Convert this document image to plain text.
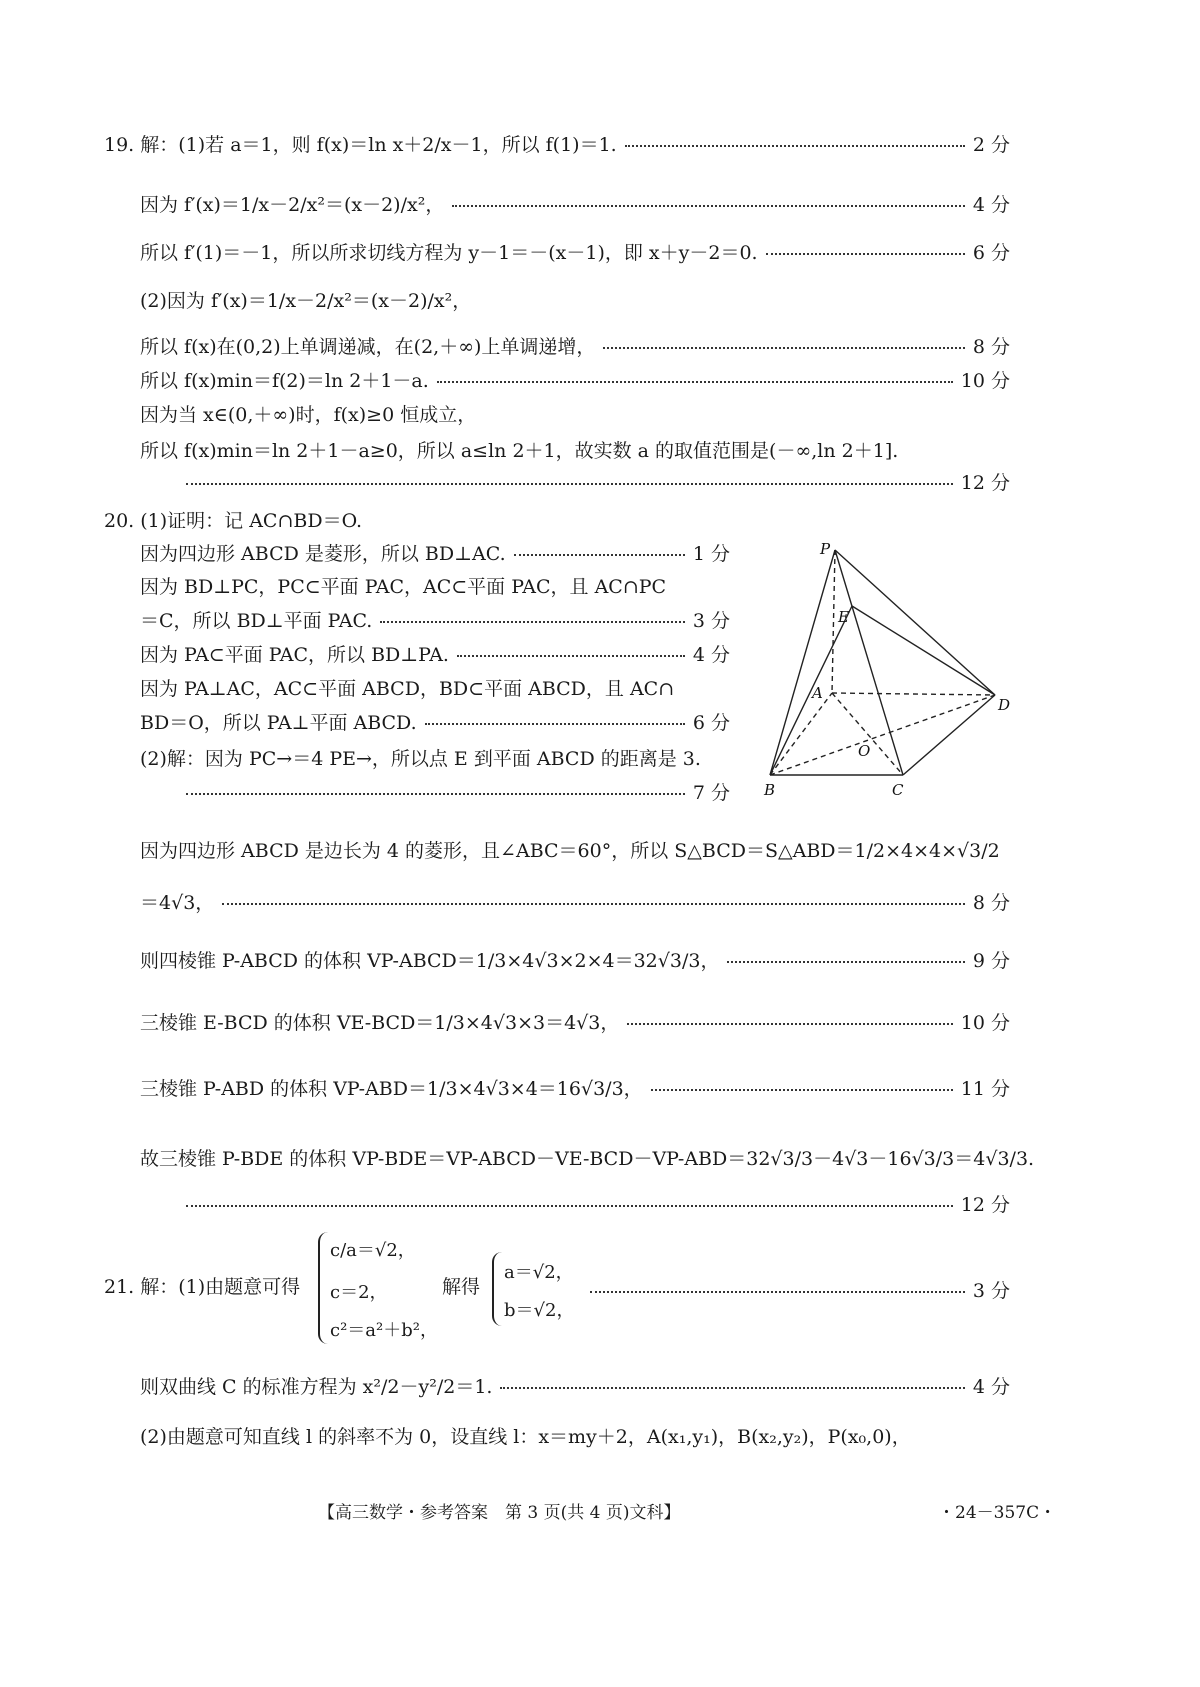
19. 解：(1)若 a＝1，则 f(x)＝ln x＋2/x－1，所以 f(1)＝1.	2 分
因为 f′(x)＝1/x－2/x²＝(x－2)/x²，	4 分
所以 f′(1)＝－1，所以所求切线方程为 y－1＝－(x－1)，即 x＋y－2＝0.	6 分
(2)因为 f′(x)＝1/x－2/x²＝(x－2)/x²，
所以 f(x)在(0,2)上单调递减，在(2,＋∞)上单调递增，	8 分
所以 f(x)min＝f(2)＝ln 2＋1－a.	10 分
因为当 x∈(0,＋∞)时，f(x)≥0 恒成立，
所以 f(x)min＝ln 2＋1－a≥0，所以 a≤ln 2＋1，故实数 a 的取值范围是(－∞,ln 2＋1].
12 分
20. (1)证明：记 AC∩BD＝O.
因为四边形 ABCD 是菱形，所以 BD⊥AC.	1 分
因为 BD⊥PC，PC⊂平面 PAC，AC⊂平面 PAC，且 AC∩PC
＝C，所以 BD⊥平面 PAC.	3 分
因为 PA⊂平面 PAC，所以 BD⊥PA.	4 分
因为 PA⊥AC，AC⊂平面 ABCD，BD⊂平面 ABCD，且 AC∩
BD＝O，所以 PA⊥平面 ABCD.	6 分
(2)解：因为 PC→＝4 PE→，所以点 E 到平面 ABCD 的距离是 3.
7 分
P
E
A
D
O
B	C
因为四边形 ABCD 是边长为 4 的菱形，且∠ABC＝60°，所以 S△BCD＝S△ABD＝1/2×4×4×√3/2
＝4√3，	8 分
则四棱锥 P-ABCD 的体积 VP-ABCD＝1/3×4√3×2×4＝32√3/3，	9 分
三棱锥 E-BCD 的体积 VE-BCD＝1/3×4√3×3＝4√3，	10 分
三棱锥 P-ABD 的体积 VP-ABD＝1/3×4√3×4＝16√3/3，	11 分
故三棱锥 P-BDE 的体积 VP-BDE＝VP-ABCD－VE-BCD－VP-ABD＝32√3/3－4√3－16√3/3＝4√3/3.
12 分
21. 解：(1)由题意可得
c/a＝√2，
c＝2，
c²＝a²＋b²，
解得
a＝√2，
b＝√2，
3 分
则双曲线 C 的标准方程为 x²/2－y²/2＝1.	4 分
(2)由题意可知直线 l 的斜率不为 0，设直线 l：x＝my＋2，A(x₁,y₁)，B(x₂,y₂)，P(x₀,0)，
【高三数学・参考答案　第 3 页(共 4 页)文科】	・24－357C・
